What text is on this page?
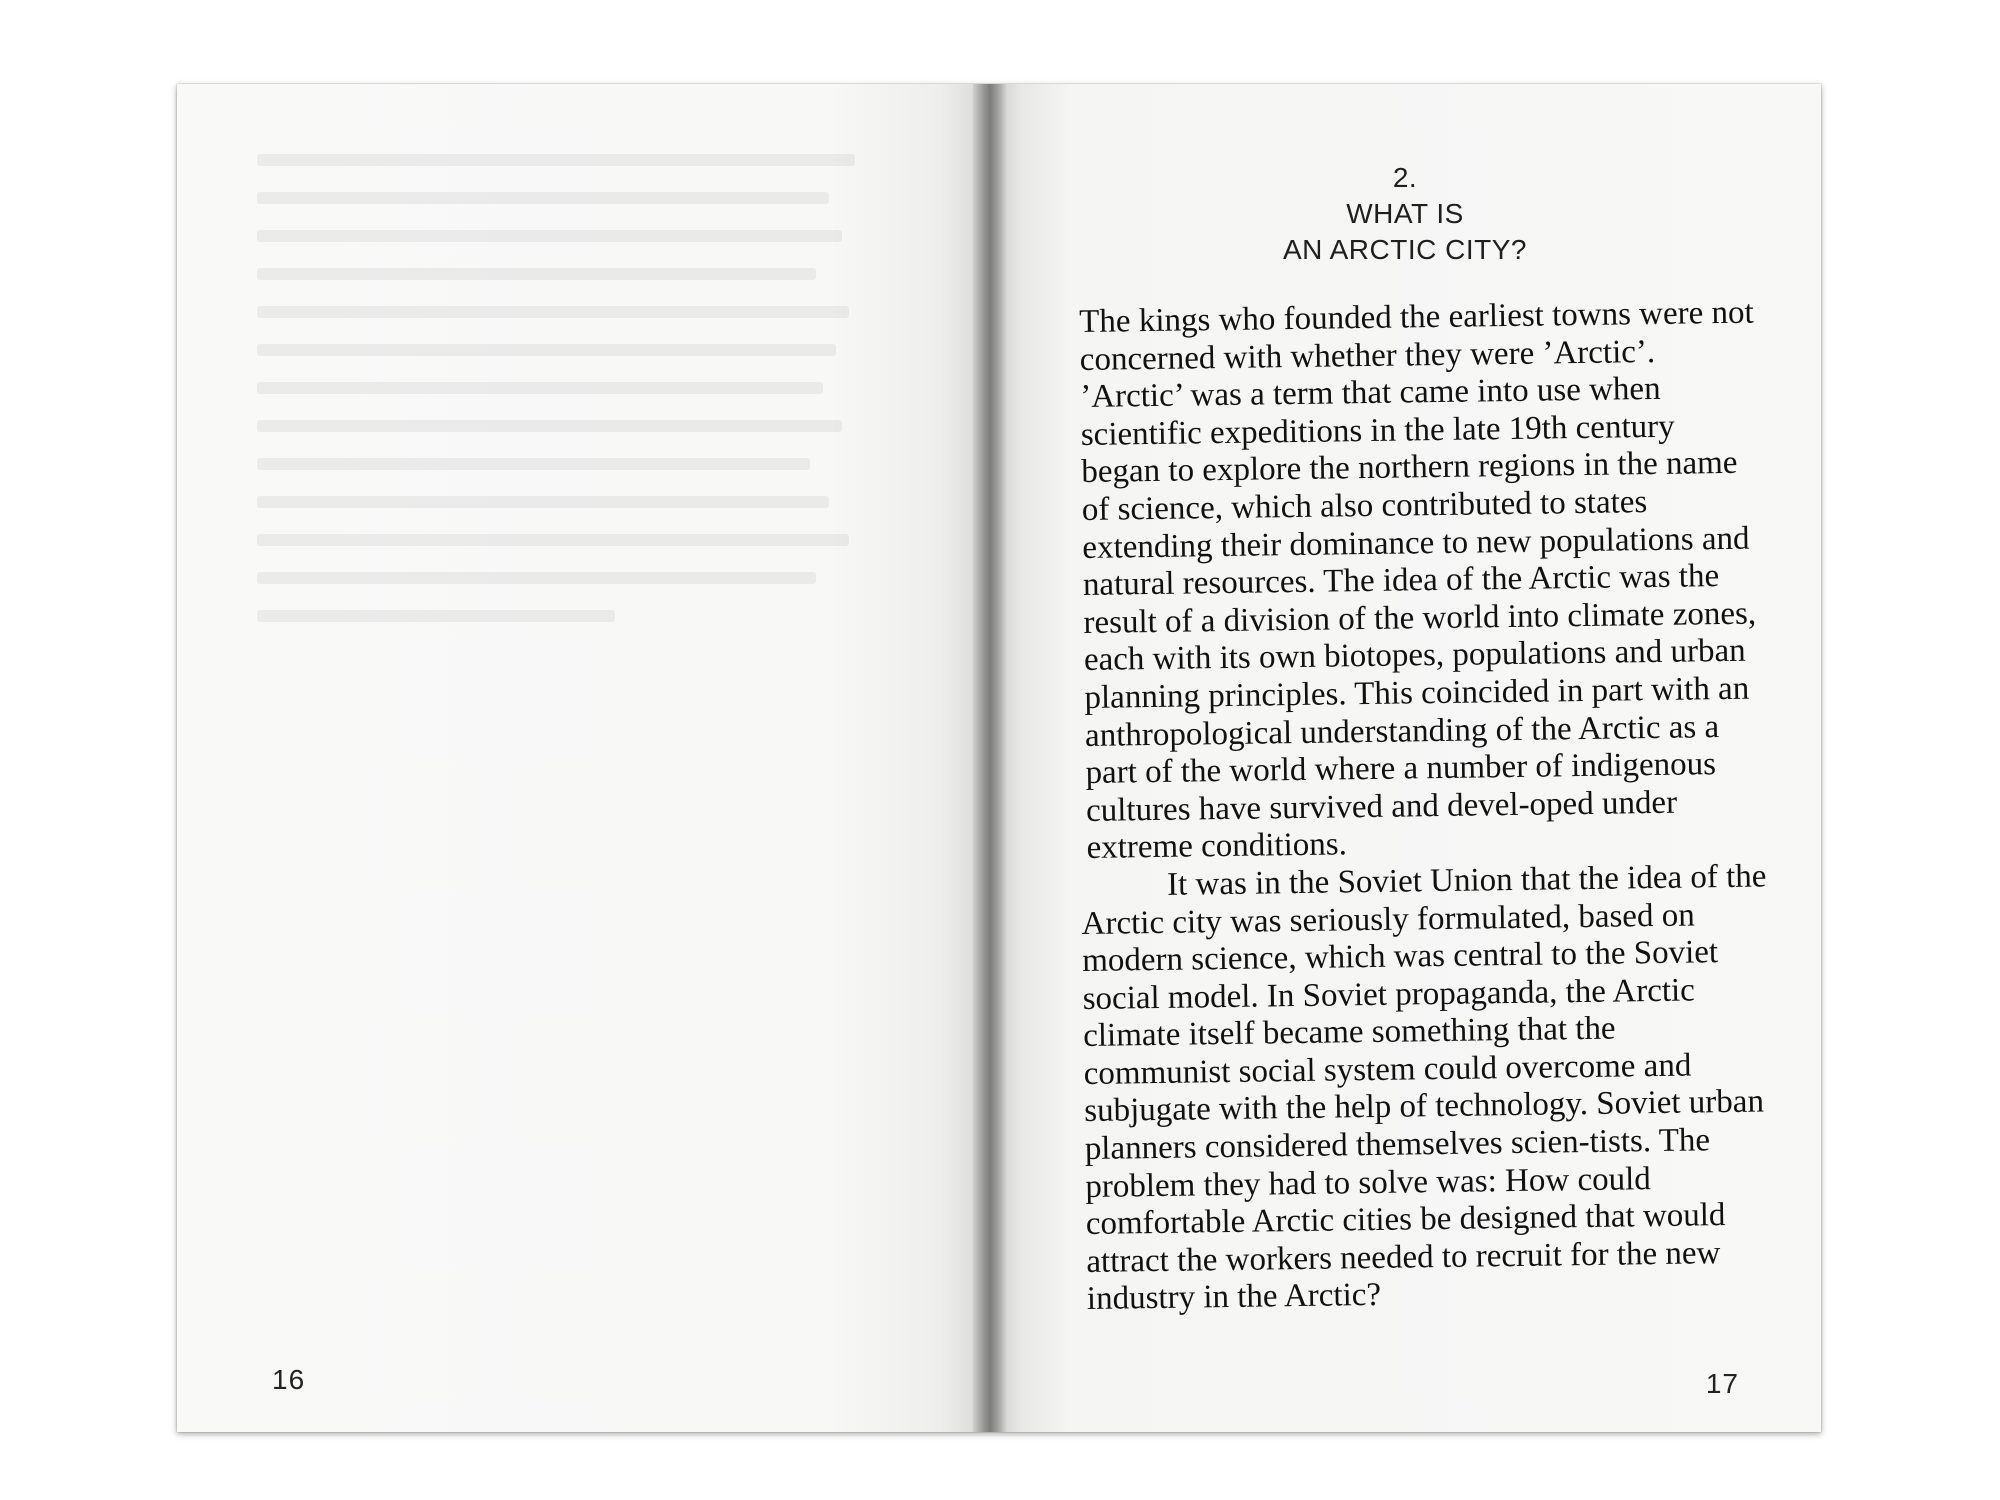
16
2.
WHAT IS
AN ARCTIC CITY?

The kings who founded the earliest towns were not concerned with whether they were ’Arctic’. ’Arctic’ was a term that came into use when scientific expeditions in the late 19th century began to explore the northern regions in the name of science, which also contributed to states extending their dominance to new populations and natural resources. The idea of the Arctic was the result of a division of the world into climate zones, each with its own biotopes, populations and urban planning principles. This coincided in part with an anthropological understanding of the Arctic as a part of the world where a number of indigenous cultures have survived and devel-oped under extreme conditions.

It was in the Soviet Union that the idea of the Arctic city was seriously formulated, based on modern science, which was central to the Soviet social model. In Soviet propaganda, the Arctic climate itself became something that the communist social system could overcome and subjugate with the help of technology. Soviet urban planners considered themselves scien-tists. The problem they had to solve was: How could comfortable Arctic cities be designed that would attract the workers needed to recruit for the new industry in the Arctic?

17
